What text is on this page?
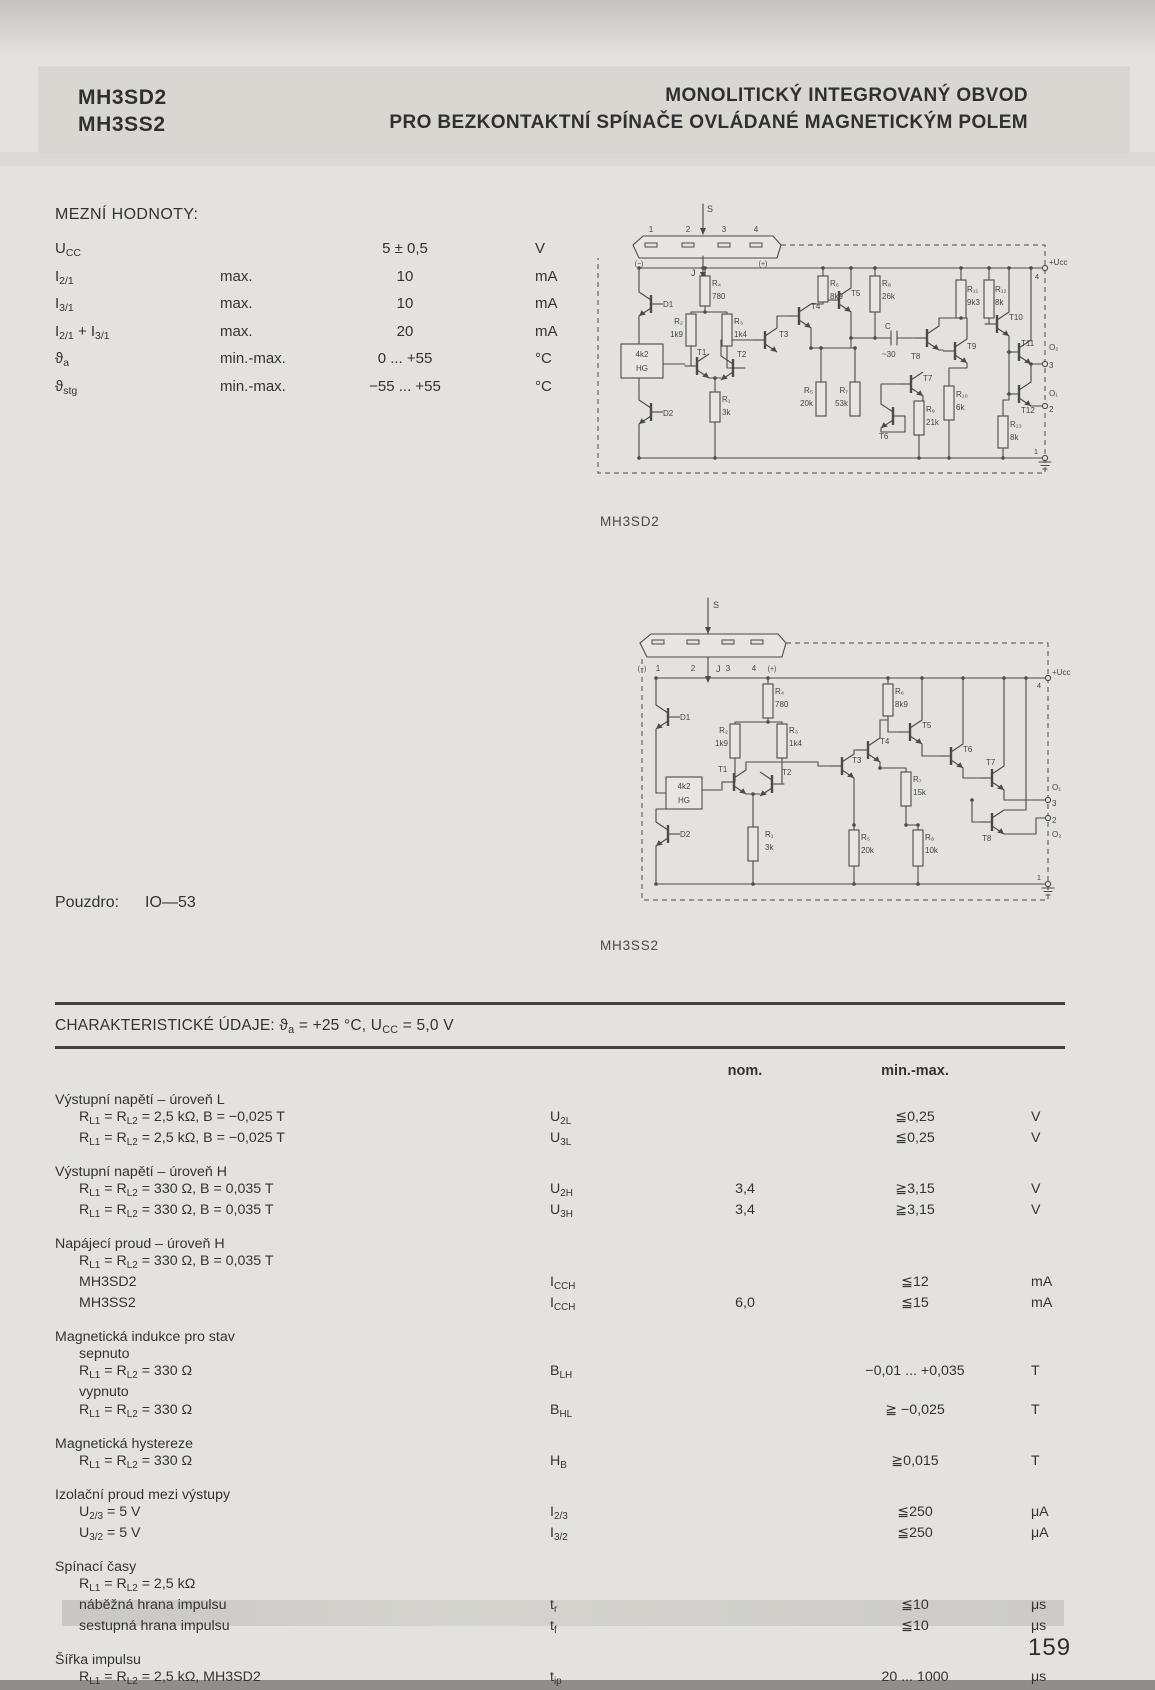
MH3SD2
MH3SS2
MONOLITICKÝ INTEGROVANÝ OBVOD
PRO BEZKONTAKTNÍ SPÍNAČE OVLÁDANÉ MAGNETICKÝM POLEM
MEZNÍ HODNOTY:
$U_{CC}$	5 ± 0,5	V
$I_{2/1}$	max.	10	mA
$I_{3/1}$	max.	10	mA
$I_{2/1} + I_{3/1}$	max.	20	mA
$ϑ_a$	min.-max.	0 ... +55	°C
$ϑ_{stg}$	min.-max.	−55 ... +55	°C
S
J
1	2	3	4
(−)	(+)	+Ucc
4
O₂
3
O₁
2
1
D1
D2
4k2
HG
T1	T2
T3
T4
T5
T6
T7
T8
T9
T10
T11
T12
R₄
780
R₂
1k9
R₃
1k4
R₁
3k
R₆
8k9
R₅
20k
R₇
53k
R₈
26k
R₉
21k
R₁₀
6k
R₁₁
9k3
R₁₂
8k
R₁₃
8k
C
~30
MH3SD2
S
J
1	2	3	4
(−)	(+)	+Ucc
4
O₁
3
2
O₂
1
D1
D2
4k2
HG
T1	T2
T3
T4
T5
T6
T7
T8
R₄
780
R₂
1k9
R₃
1k4
R₁
3k
R₆
8k9
R₇
15k
R₅
20k
R₈
10k
MH3SS2
Pouzdro: IO—53
CHARAKTERISTICKÉ ÚDAJE: $ϑ_a = +25$ °C, $U_{CC} = 5,0$ V
nom.	min.-max.
Výstupní napětí – úroveň L
$R_{L1} = R_{L2} = 2,5$ kΩ, B = −0,025 T	$U_{2L}$	≦0,25	V
$R_{L1} = R_{L2} = 2,5$ kΩ, B = −0,025 T	$U_{3L}$	≦0,25	V
Výstupní napětí – úroveň H
$R_{L1} = R_{L2} = 330$ Ω, B = 0,035 T	$U_{2H}$	3,4	≧3,15	V
$R_{L1} = R_{L2} = 330$ Ω, B = 0,035 T	$U_{3H}$	3,4	≧3,15	V
Napájecí proud – úroveň H
$R_{L1} = R_{L2} = 330$ Ω, B = 0,035 T
MH3SD2	$I_{CCH}$	≦12	mA
MH3SS2	$I_{CCH}$	6,0	≦15	mA
Magnetická indukce pro stav
sepnuto
$R_{L1} = R_{L2} = 330$ Ω	$B_{LH}$	−0,01 ... +0,035	T
vypnuto
$R_{L1} = R_{L2} = 330$ Ω	$B_{HL}$	≧ −0,025	T
Magnetická hystereze
$R_{L1} = R_{L2} = 330$ Ω	$H_B$	≧0,015	T
Izolační proud mezi výstupy
$U_{2/3} = 5$ V	$I_{2/3}$	≦250	μA
$U_{3/2} = 5$ V	$I_{3/2}$	≦250	μA
Spínací časy
$R_{L1} = R_{L2} = 2,5$ kΩ
náběžná hrana impulsu	$t_r$	≦10	μs
sestupná hrana impulsu	$t_f$	≦10	μs
Šířka impulsu
$R_{L1} = R_{L2} = 2,5$ kΩ, MH3SD2	$t_{ip}$	20 ... 1000	μs
159
